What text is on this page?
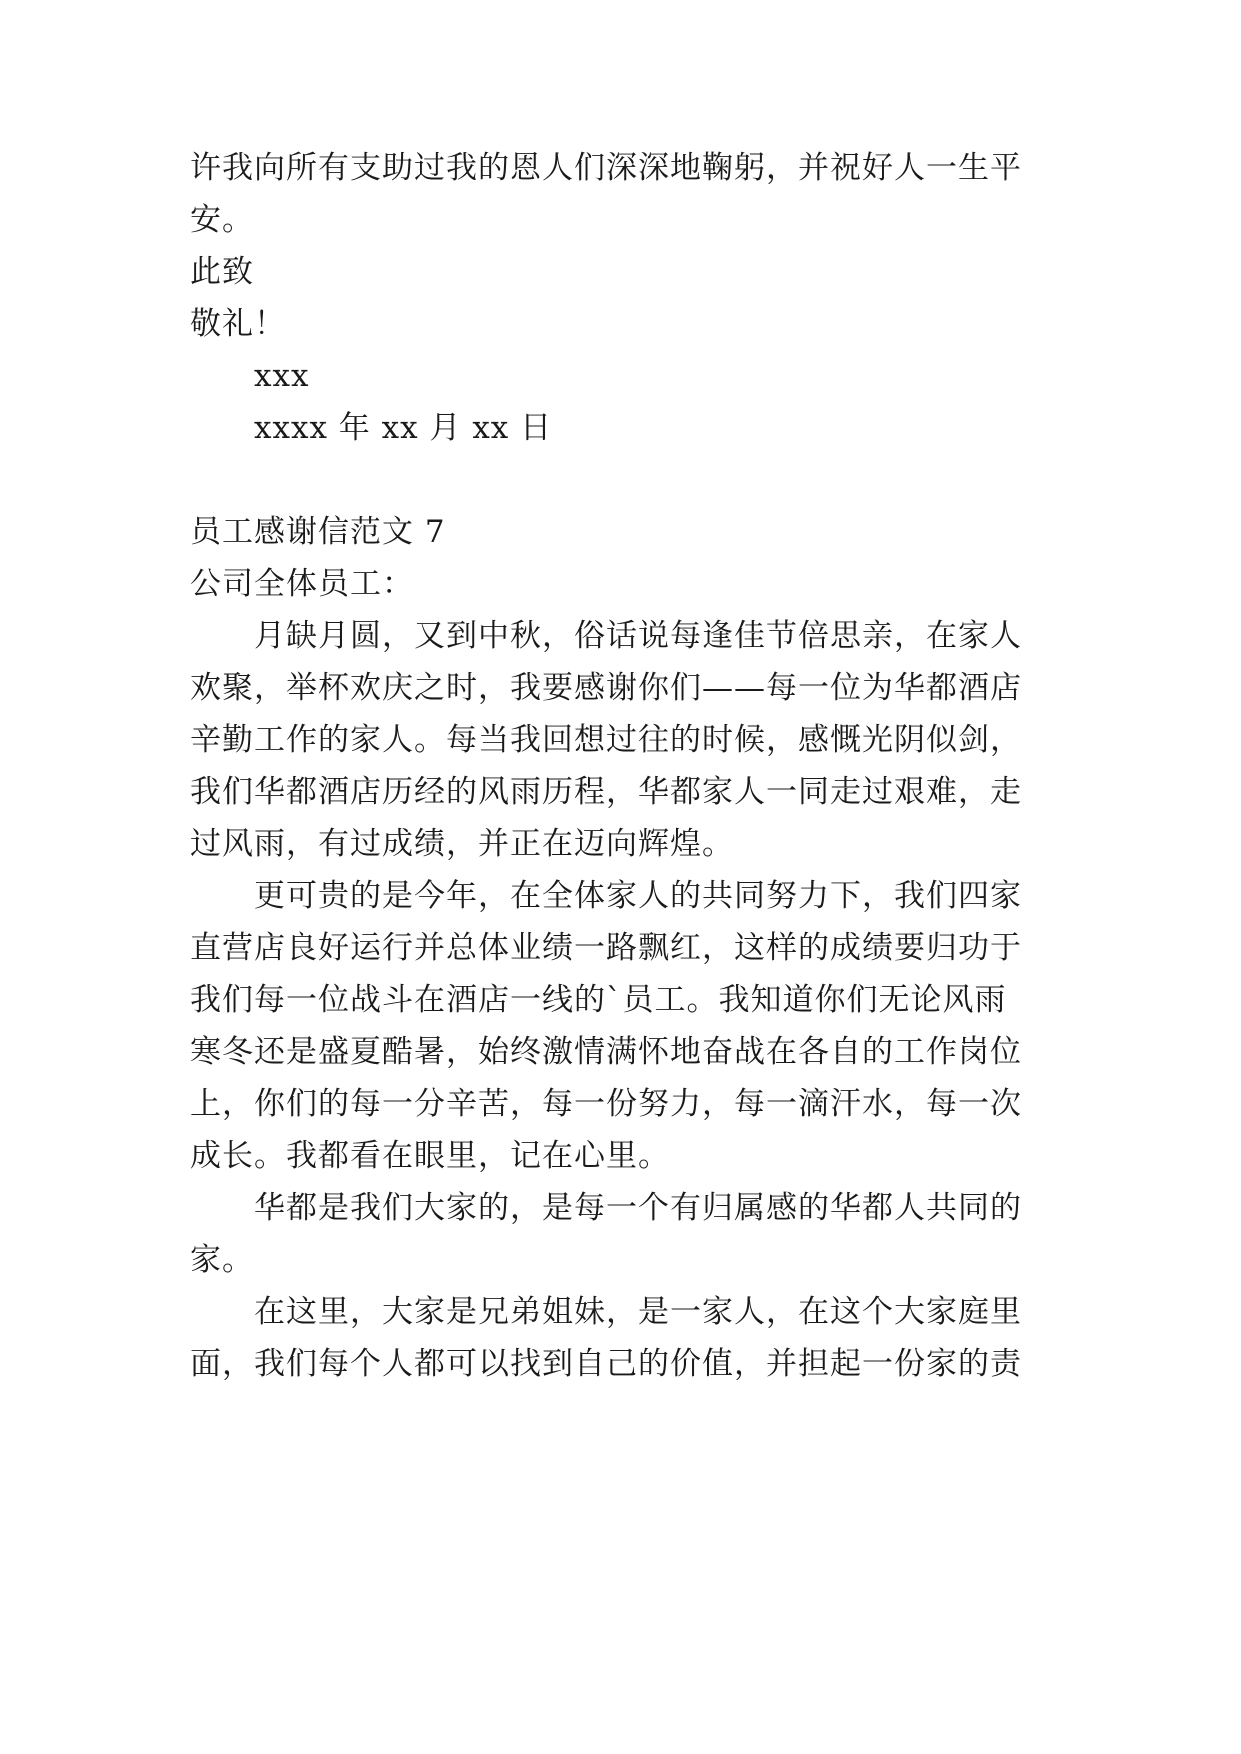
许我向所有支助过我的恩人们深深地鞠躬，并祝好人一生平
安。
此致
敬礼！
xxx
xxxx 年 xx 月 xx 日
员工感谢信范文 7
公司全体员工：
月缺月圆，又到中秋，俗话说每逢佳节倍思亲，在家人
欢聚，举杯欢庆之时，我要感谢你们——每一位为华都酒店
辛勤工作的家人。每当我回想过往的时候，感慨光阴似剑，
我们华都酒店历经的风雨历程，华都家人一同走过艰难，走
过风雨，有过成绩，并正在迈向辉煌。
更可贵的是今年，在全体家人的共同努力下，我们四家
直营店良好运行并总体业绩一路飘红，这样的成绩要归功于
我们每一位战斗在酒店一线的`员工。我知道你们无论风雨
寒冬还是盛夏酷暑，始终激情满怀地奋战在各自的工作岗位
上，你们的每一分辛苦，每一份努力，每一滴汗水，每一次
成长。我都看在眼里，记在心里。
华都是我们大家的，是每一个有归属感的华都人共同的
家。
在这里，大家是兄弟姐妹，是一家人，在这个大家庭里
面，我们每个人都可以找到自己的价值，并担起一份家的责
